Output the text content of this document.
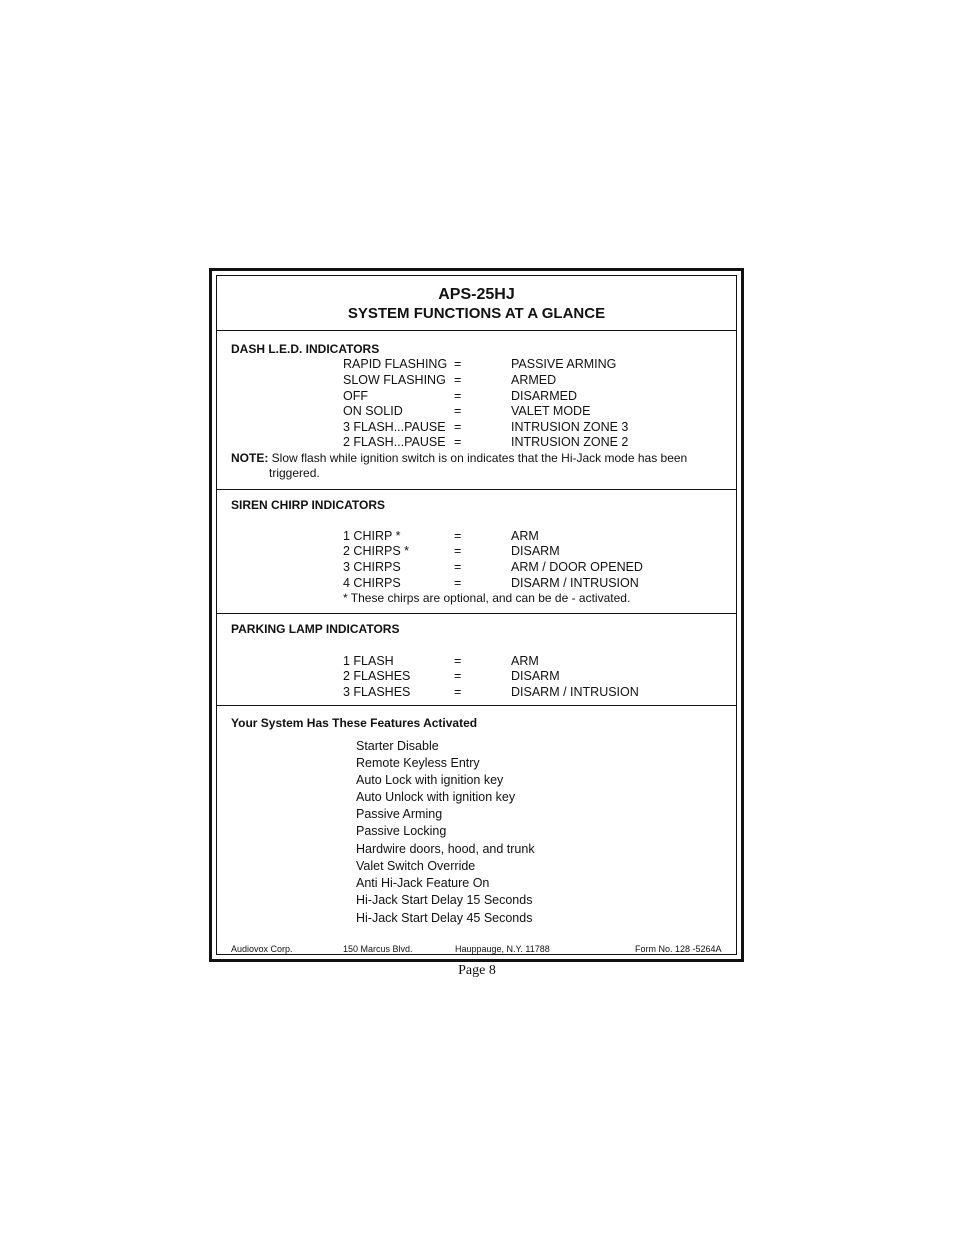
APS-25HJ
SYSTEM FUNCTIONS AT A GLANCE
DASH L.E.D. INDICATORS
RAPID FLASHING =	PASSIVE ARMING
SLOW FLASHING =	ARMED
OFF	=	DISARMED
ON SOLID	=	VALET MODE
3 FLASH...PAUSE =	INTRUSION ZONE 3
2 FLASH...PAUSE =	INTRUSION ZONE 2
NOTE: Slow flash while ignition switch is on indicates that the Hi-Jack mode has been
triggered.
SIREN CHIRP INDICATORS
1 CHIRP *	=	ARM
2 CHIRPS *	=	DISARM
3 CHIRPS	=	ARM / DOOR OPENED
4 CHIRPS	=	DISARM / INTRUSION
* These chirps are optional, and can be de - activated.
PARKING LAMP INDICATORS
1 FLASH	=	ARM
2 FLASHES	=	DISARM
3 FLASHES	=	DISARM / INTRUSION
Your System Has These Features Activated
Starter Disable
Remote Keyless Entry
Auto Lock with ignition key
Auto Unlock with ignition key
Passive Arming
Passive Locking
Hardwire doors, hood, and trunk
Valet Switch Override
Anti Hi-Jack Feature On
Hi-Jack Start Delay 15 Seconds
Hi-Jack Start Delay 45 Seconds
Audiovox Corp.	150 Marcus Blvd.	Hauppauge, N.Y. 11788	Form No. 128 -5264A
Page 8
